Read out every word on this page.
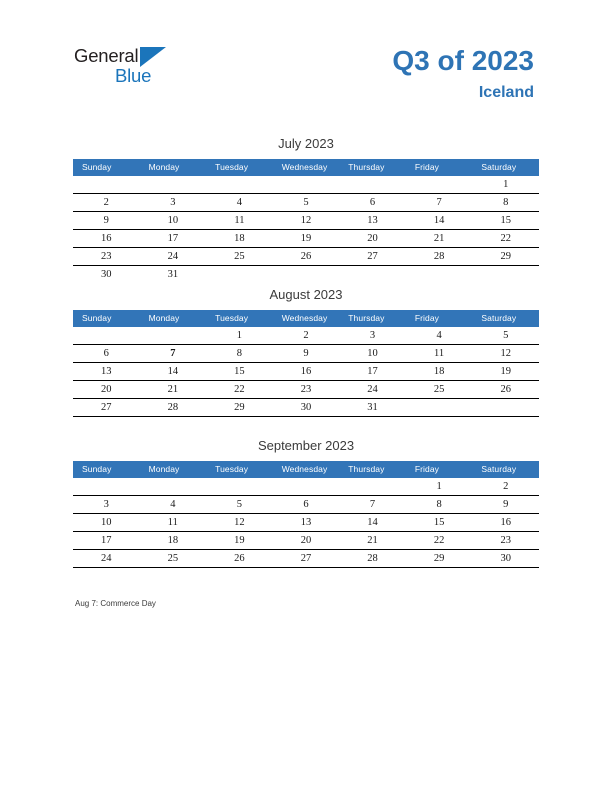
General
Blue	Q3 of 2023
Iceland
July 2023
Sunday	Monday	Tuesday	Wednesday	Thursday	Friday	Saturday
						1
2	3	4	5	6	7	8
9	10	11	12	13	14	15
16	17	18	19	20	21	22
23	24	25	26	27	28	29
30	31					
August 2023
Sunday	Monday	Tuesday	Wednesday	Thursday	Friday	Saturday
		1	2	3	4	5
6	7	8	9	10	11	12
13	14	15	16	17	18	19
20	21	22	23	24	25	26
27	28	29	30	31		
September 2023
Sunday	Monday	Tuesday	Wednesday	Thursday	Friday	Saturday
					1	2
3	4	5	6	7	8	9
10	11	12	13	14	15	16
17	18	19	20	21	22	23
24	25	26	27	28	29	30
Aug 7: Commerce Day
